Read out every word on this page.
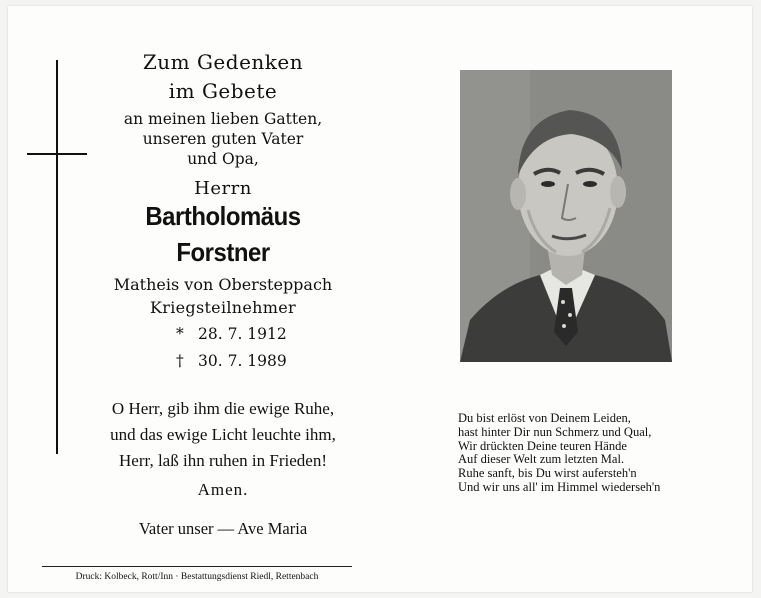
Zum Gedenken
im Gebete
an meinen lieben Gatten,
unseren guten Vater
und Opa,
Herrn
Bartholomäus
Forstner
Matheis von Obersteppach
Kriegsteilnehmer
* 28. 7. 1912
† 30. 7. 1989
O Herr, gib ihm die ewige Ruhe,
und das ewige Licht leuchte ihm,
Herr, laß ihn ruhen in Frieden!
Amen.
Vater unser — Ave Maria
Druck: Kolbeck, Rott/Inn · Bestattungsdienst Riedl, Rettenbach
Du bist erlöst von Deinem Leiden,
hast hinter Dir nun Schmerz und Qual,
Wir drückten Deine teuren Hände
Auf dieser Welt zum letzten Mal.
Ruhe sanft, bis Du wirst aufersteh'n
Und wir uns all' im Himmel wiederseh'n
